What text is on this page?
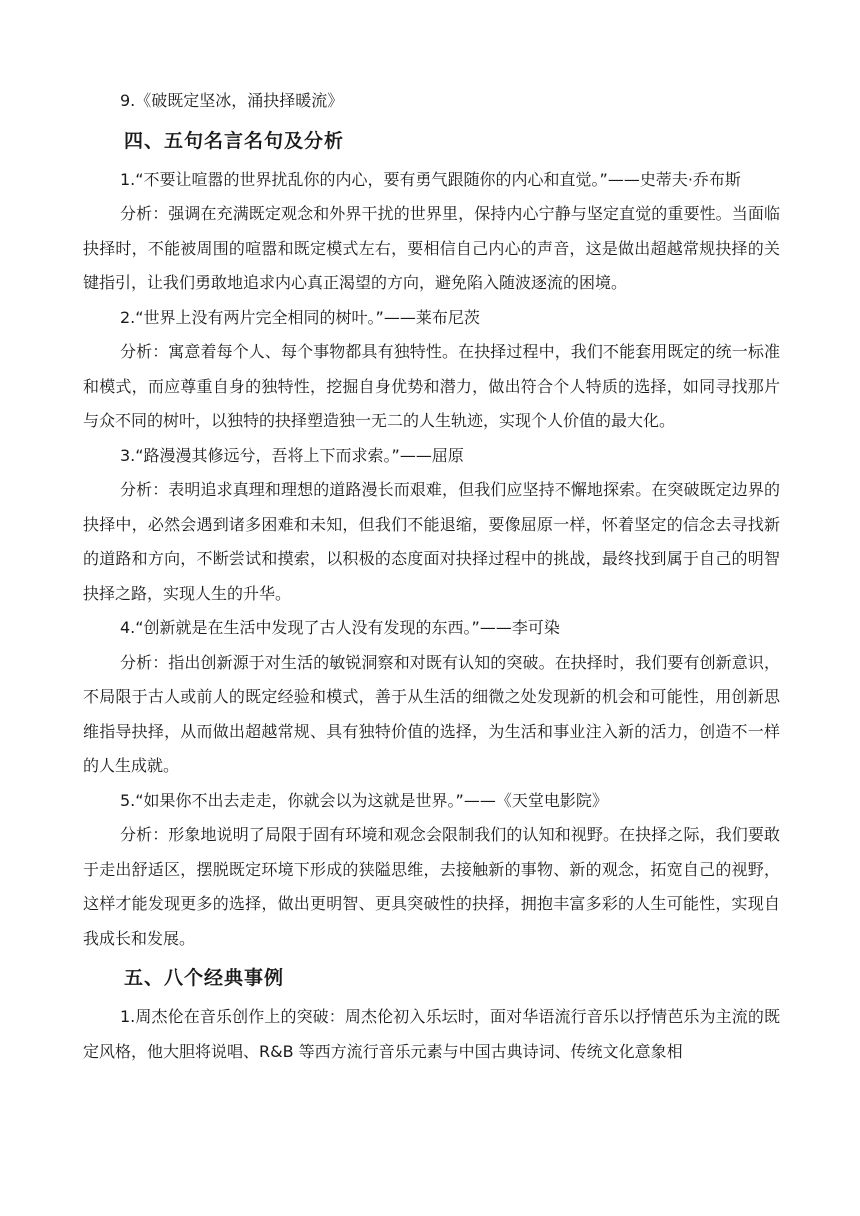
9.《破既定坚冰，涌抉择暖流》

四、五句名言名句及分析

1.“不要让喧嚣的世界扰乱你的内心，要有勇气跟随你的内心和直觉。”——史蒂夫·乔布斯

分析：强调在充满既定观念和外界干扰的世界里，保持内心宁静与坚定直觉的重要性。当面临抉择时，不能被周围的喧嚣和既定模式左右，要相信自己内心的声音，这是做出超越常规抉择的关键指引，让我们勇敢地追求内心真正渴望的方向，避免陷入随波逐流的困境。

2.“世界上没有两片完全相同的树叶。”——莱布尼茨

分析：寓意着每个人、每个事物都具有独特性。在抉择过程中，我们不能套用既定的统一标准和模式，而应尊重自身的独特性，挖掘自身优势和潜力，做出符合个人特质的选择，如同寻找那片与众不同的树叶，以独特的抉择塑造独一无二的人生轨迹，实现个人价值的最大化。

3.“路漫漫其修远兮，吾将上下而求索。”——屈原

分析：表明追求真理和理想的道路漫长而艰难，但我们应坚持不懈地探索。在突破既定边界的抉择中，必然会遇到诸多困难和未知，但我们不能退缩，要像屈原一样，怀着坚定的信念去寻找新的道路和方向，不断尝试和摸索，以积极的态度面对抉择过程中的挑战，最终找到属于自己的明智抉择之路，实现人生的升华。

4.“创新就是在生活中发现了古人没有发现的东西。”——李可染

分析：指出创新源于对生活的敏锐洞察和对既有认知的突破。在抉择时，我们要有创新意识，不局限于古人或前人的既定经验和模式，善于从生活的细微之处发现新的机会和可能性，用创新思维指导抉择，从而做出超越常规、具有独特价值的选择，为生活和事业注入新的活力，创造不一样的人生成就。

5.“如果你不出去走走，你就会以为这就是世界。”——《天堂电影院》

分析：形象地说明了局限于固有环境和观念会限制我们的认知和视野。在抉择之际，我们要敢于走出舒适区，摆脱既定环境下形成的狭隘思维，去接触新的事物、新的观念，拓宽自己的视野，这样才能发现更多的选择，做出更明智、更具突破性的抉择，拥抱丰富多彩的人生可能性，实现自我成长和发展。

五、八个经典事例

1.周杰伦在音乐创作上的突破：周杰伦初入乐坛时，面对华语流行音乐以抒情芭乐为主流的既定风格，他大胆将说唱、R&B 等西方流行音乐元素与中国古典诗词、传统文化意象相
